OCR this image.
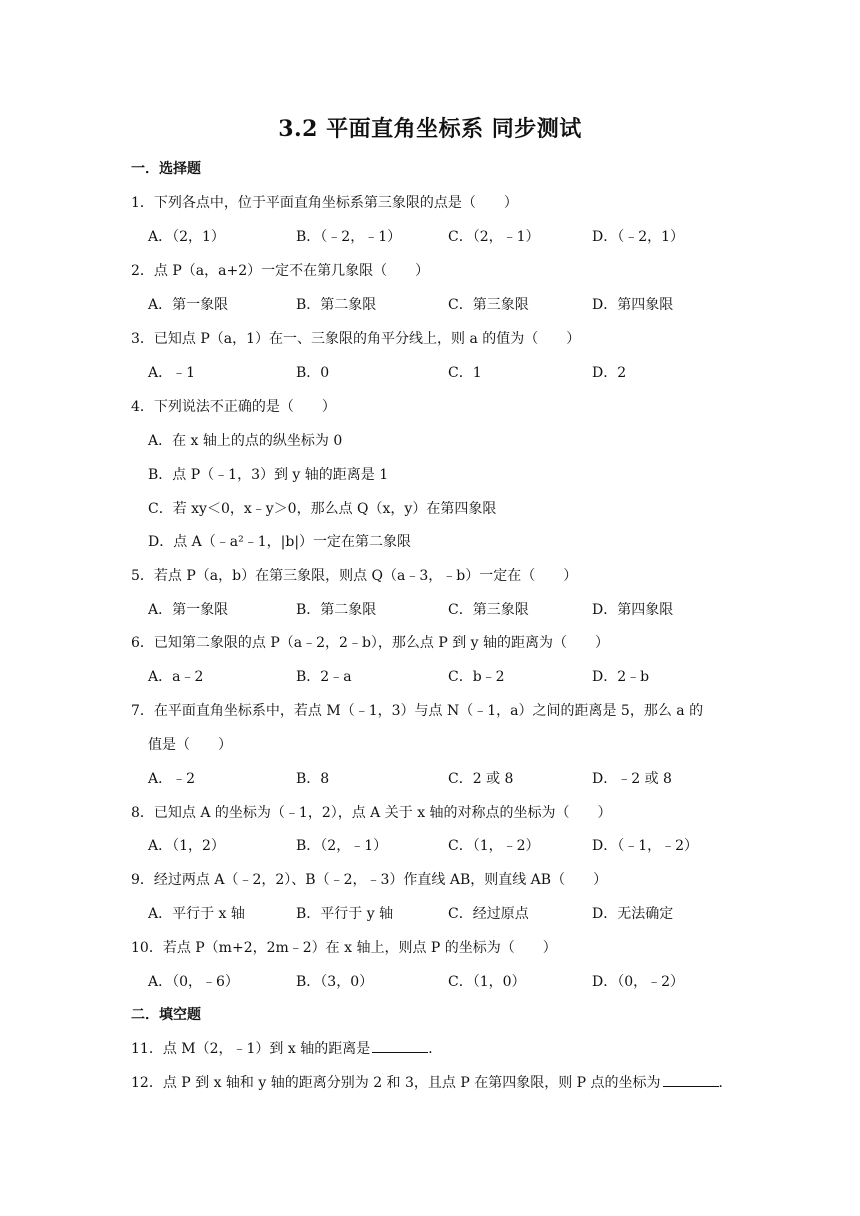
3.2 平面直角坐标系 同步测试
一．选择题
1．下列各点中，位于平面直角坐标系第三象限的点是（　　）
A．（2，1）	B．（﹣2，﹣1）	C．（2，﹣1）	D．（﹣2，1）
2．点 P（a，a+2）一定不在第几象限（　　）
A．第一象限	B．第二象限	C．第三象限	D．第四象限
3．已知点 P（a，1）在一、三象限的角平分线上，则 a 的值为（　　）
A．﹣1	B．0	C．1	D．2
4．下列说法不正确的是（　　）
A．在 x 轴上的点的纵坐标为 0
B．点 P（﹣1，3）到 y 轴的距离是 1
C．若 xy＜0，x﹣y＞0，那么点 Q（x，y）在第四象限
D．点 A（﹣a²﹣1，|b|）一定在第二象限
5．若点 P（a，b）在第三象限，则点 Q（a﹣3，﹣b）一定在（　　）
A．第一象限	B．第二象限	C．第三象限	D．第四象限
6．已知第二象限的点 P（a﹣2，2﹣b），那么点 P 到 y 轴的距离为（　　）
A．a﹣2	B．2﹣a	C．b﹣2	D．2﹣b
7．在平面直角坐标系中，若点 M（﹣1，3）与点 N（﹣1，a）之间的距离是 5，那么 a 的
值是（　　）
A．﹣2	B．8	C．2 或 8	D．﹣2 或 8
8．已知点 A 的坐标为（﹣1，2），点 A 关于 x 轴的对称点的坐标为（　　）
A．（1，2）	B．（2，﹣1）	C．（1，﹣2）	D．（﹣1，﹣2）
9．经过两点 A（﹣2，2）、B（﹣2，﹣3）作直线 AB，则直线 AB（　　）
A．平行于 x 轴	B．平行于 y 轴	C．经过原点	D．无法确定
10．若点 P（m+2，2m﹣2）在 x 轴上，则点 P 的坐标为（　　）
A．（0，﹣6）	B．（3，0）	C．（1，0）	D．（0，﹣2）
二．填空题
11．点 M（2，﹣1）到 x 轴的距离是	．
12．点 P 到 x 轴和 y 轴的距离分别为 2 和 3，且点 P 在第四象限，则 P 点的坐标为	．
